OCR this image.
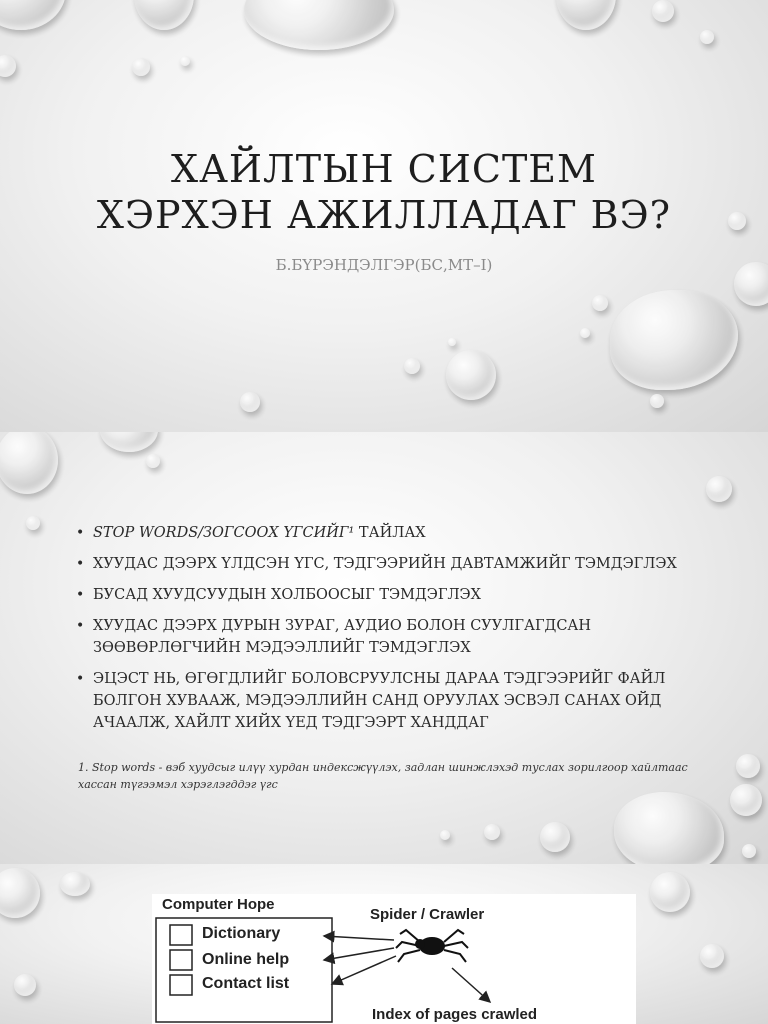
ХАЙЛТЫН СИСТЕМ
ХЭРХЭН АЖИЛЛАДАГ ВЭ?

Б.БҮРЭНДЭЛГЭР(БС,МТ–I)

• STOP WORDS/ЗОГСООХ ҮГСИЙГ¹ ТАЙЛАХ
• ХУУДАС ДЭЭРХ ҮЛДСЭН ҮГС, ТЭДГЭЭРИЙН ДАВТАМЖИЙГ ТЭМДЭГЛЭХ
• БУСАД ХУУДСУУДЫН ХОЛБООСЫГ ТЭМДЭГЛЭХ
• ХУУДАС ДЭЭРХ ДУРЫН ЗУРАГ, АУДИО БОЛОН СУУЛГАГДСАН ЗӨӨВӨРЛӨГЧИЙН МЭДЭЭЛЛИЙГ ТЭМДЭГЛЭХ
• ЭЦЭСТ НЬ, ӨГӨГДЛИЙГ БОЛОВСРУУЛСНЫ ДАРАА ТЭДГЭЭРИЙГ ФАЙЛ БОЛГОН ХУВААЖ, МЭДЭЭЛЛИЙН САНД ОРУУЛАХ ЭСВЭЛ САНАХ ОЙД АЧААЛЖ, ХАЙЛТ ХИЙХ ҮЕД ТЭДГЭЭРТ ХАНДДАГ

1. Stop words - вэб хуудсыг илүү хурдан индексжүүлэх, задлан шинжлэхэд туслах зорилгоор хайлтаас хассан түгээмэл хэрэглэгддэг үгс

Computer Hope
Dictionary
Online help
Contact list
Spider / Crawler
Index of pages crawled
